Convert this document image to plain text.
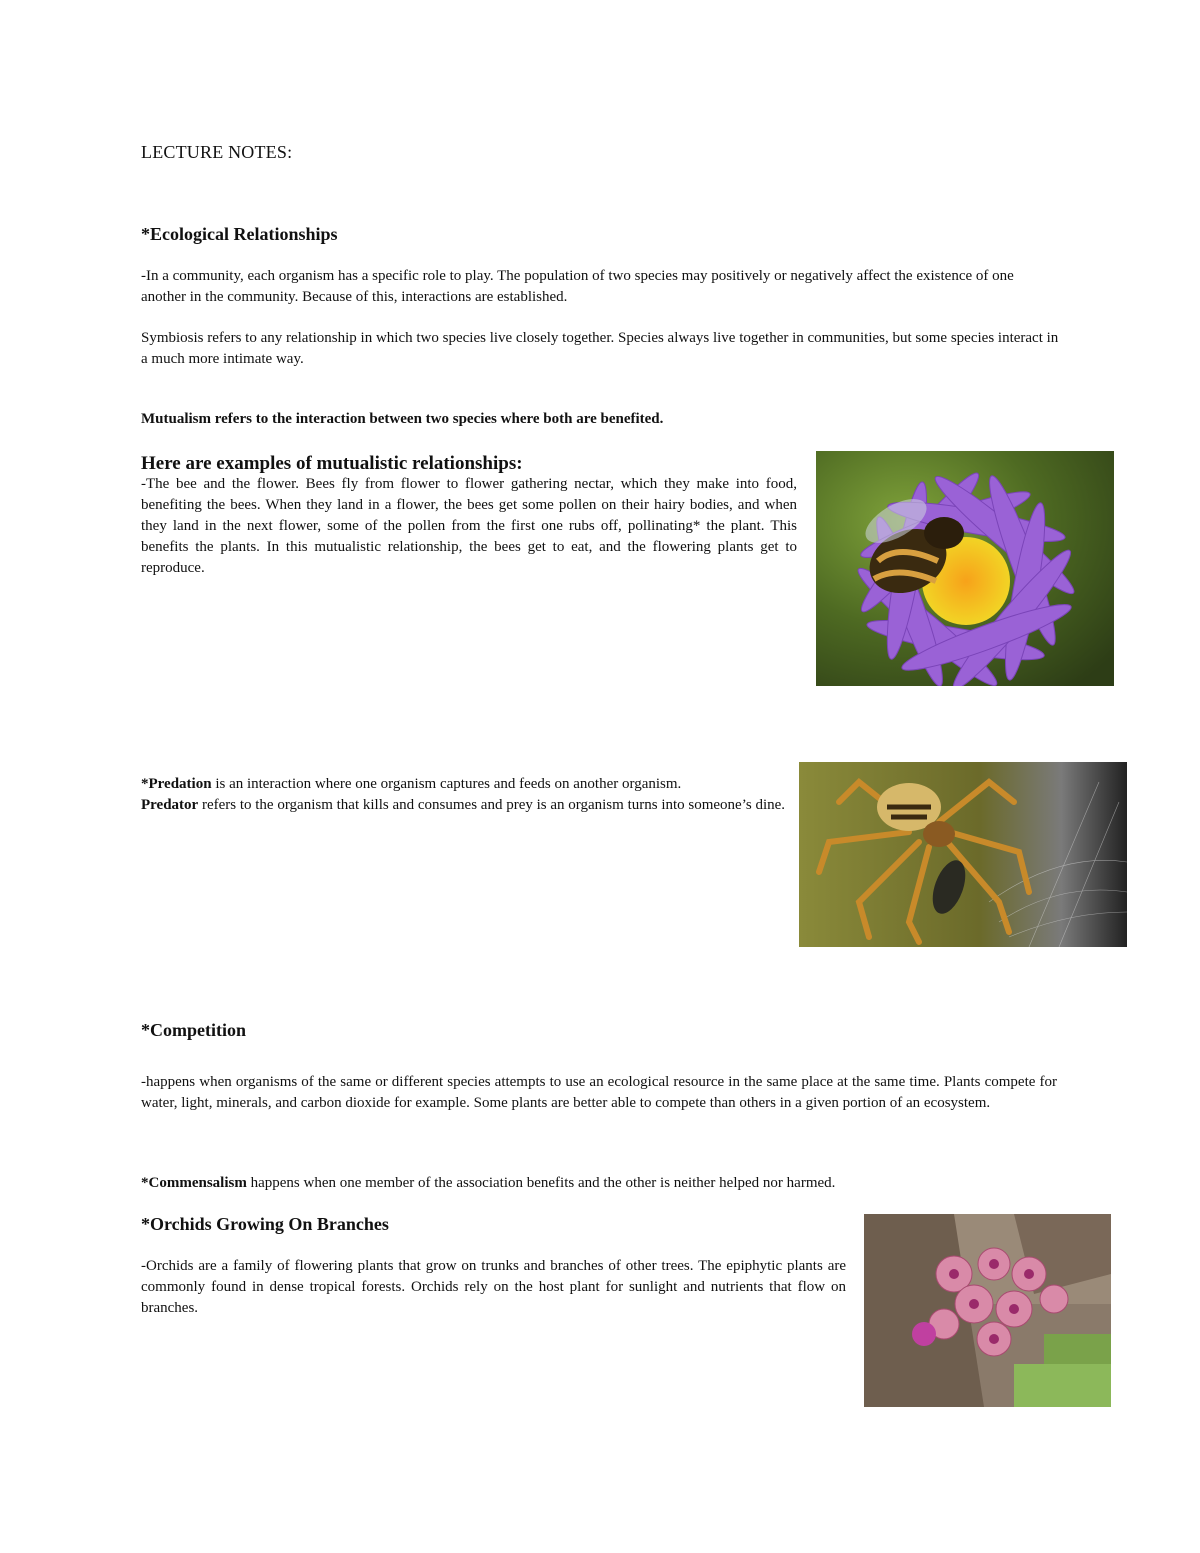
LECTURE NOTES:
*Ecological Relationships

-In a community, each organism has a specific role to play. The population of two species may positively or negatively affect the existence of one another in the community. Because of this, interactions are established.

Symbiosis refers to any relationship in which two species live closely together. Species always live together in communities, but some species interact in a much more intimate way.

Mutualism refers to the interaction between two species where both are benefited.

Here are examples of mutualistic relationships:

-The bee and the flower. Bees fly from flower to flower gathering nectar, which they make into food, benefiting the bees. When they land in a flower, the bees get some pollen on their hairy bodies, and when they land in the next flower, some of the pollen from the first one rubs off, pollinating* the plant. This benefits the plants. In this mutualistic relationship, the bees get to eat, and the flowering plants get to reproduce.

*Predation is an interaction where one organism captures and feeds on another organism.
Predator refers to the organism that kills and consumes and prey is an organism turns into someone’s dine.

*Competition

-happens when organisms of the same or different species attempts to use an ecological resource in the same place at the same time. Plants compete for water, light, minerals, and carbon dioxide for example. Some plants are better able to compete than others in a given portion of an ecosystem.

*Commensalism happens when one member of the association benefits and the other is neither helped nor harmed.

*Orchids Growing On Branches

-Orchids are a family of flowering plants that grow on trunks and branches of other trees. The epiphytic plants are commonly found in dense tropical forests. Orchids rely on the host plant for sunlight and nutrients that flow on branches.
